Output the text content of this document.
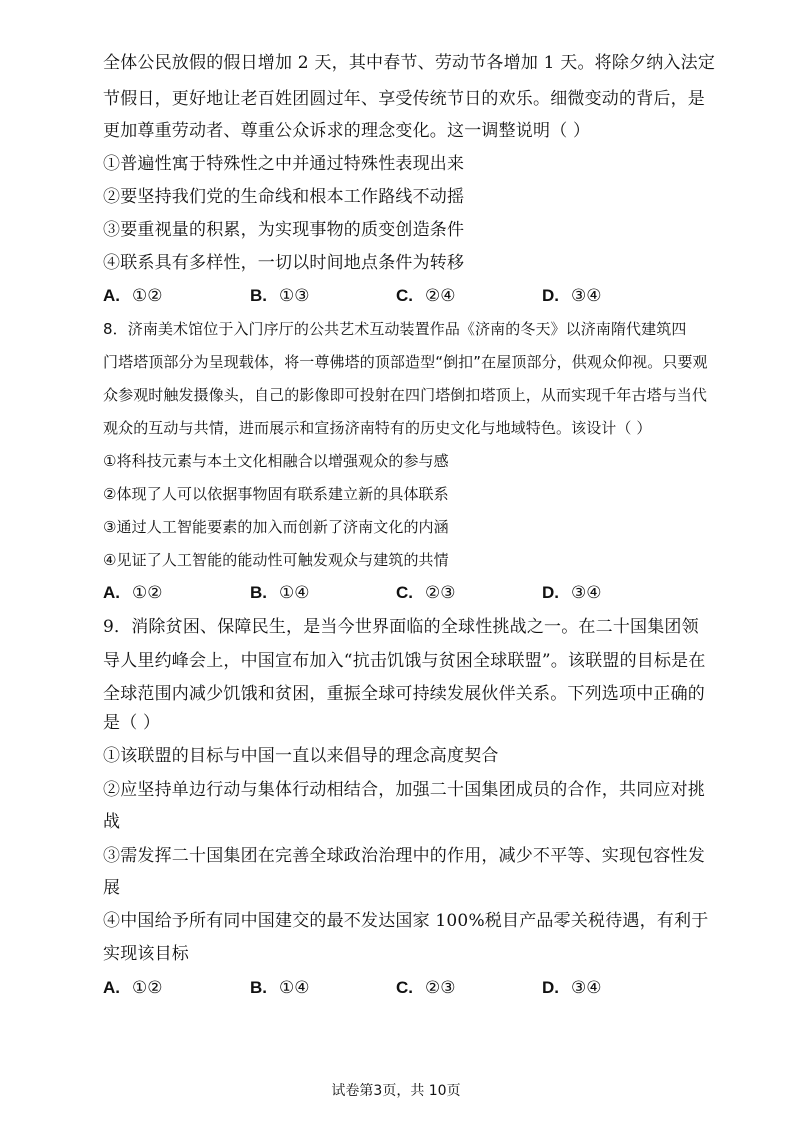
全体公民放假的假日增加 2 天，其中春节、劳动节各增加 1 天。将除夕纳入法定
节假日，更好地让老百姓团圆过年、享受传统节日的欢乐。细微变动的背后，是
更加尊重劳动者、尊重公众诉求的理念变化。这一调整说明（ ）
①普遍性寓于特殊性之中并通过特殊性表现出来
②要坚持我们党的生命线和根本工作路线不动摇
③要重视量的积累，为实现事物的质变创造条件
④联系具有多样性，一切以时间地点条件为转移
A. ①②	B. ①③	C. ②④	D. ③④
8．济南美术馆位于入门序厅的公共艺术互动装置作品《济南的冬天》以济南隋代建筑四
门塔塔顶部分为呈现载体，将一尊佛塔的顶部造型“倒扣”在屋顶部分，供观众仰视。只要观
众参观时触发摄像头，自己的影像即可投射在四门塔倒扣塔顶上，从而实现千年古塔与当代
观众的互动与共情，进而展示和宣扬济南特有的历史文化与地域特色。该设计（ ）
①将科技元素与本土文化相融合以增强观众的参与感
②体现了人可以依据事物固有联系建立新的具体联系
③通过人工智能要素的加入而创新了济南文化的内涵
④见证了人工智能的能动性可触发观众与建筑的共情
A. ①②	B. ①④	C. ②③	D. ③④
9．消除贫困、保障民生，是当今世界面临的全球性挑战之一。在二十国集团领
导人里约峰会上，中国宣布加入“抗击饥饿与贫困全球联盟”。该联盟的目标是在
全球范围内减少饥饿和贫困，重振全球可持续发展伙伴关系。下列选项中正确的
是（ ）
①该联盟的目标与中国一直以来倡导的理念高度契合
②应坚持单边行动与集体行动相结合，加强二十国集团成员的合作，共同应对挑
战
③需发挥二十国集团在完善全球政治治理中的作用，减少不平等、实现包容性发
展
④中国给予所有同中国建交的最不发达国家 100%税目产品零关税待遇，有利于
实现该目标
A. ①②	B. ①④	C. ②③	D. ③④
试卷第3页，共 10页
